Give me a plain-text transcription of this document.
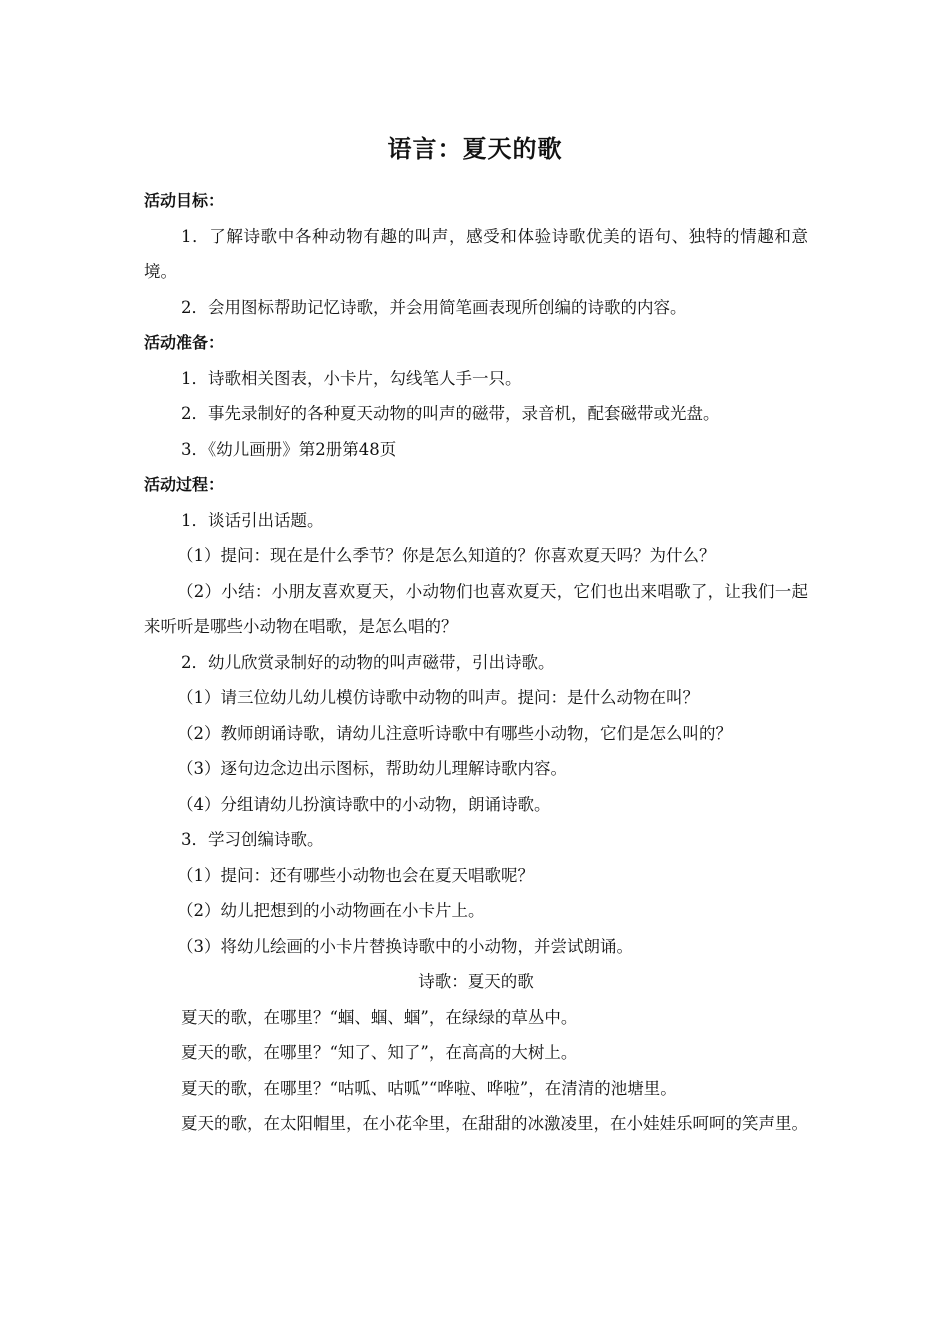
语言：夏天的歌
活动目标：
1．了解诗歌中各种动物有趣的叫声，感受和体验诗歌优美的语句、独特的情趣和意境。
2．会用图标帮助记忆诗歌，并会用简笔画表现所创编的诗歌的内容。
活动准备：
1．诗歌相关图表，小卡片，勾线笔人手一只。
2．事先录制好的各种夏天动物的叫声的磁带，录音机，配套磁带或光盘。
3．《幼儿画册》第2册第48页
活动过程：
1．谈话引出话题。
（1）提问：现在是什么季节？你是怎么知道的？你喜欢夏天吗？为什么？
（2）小结：小朋友喜欢夏天，小动物们也喜欢夏天，它们也出来唱歌了，让我们一起来听听是哪些小动物在唱歌，是怎么唱的？
2．幼儿欣赏录制好的动物的叫声磁带，引出诗歌。
（1）请三位幼儿幼儿模仿诗歌中动物的叫声。提问：是什么动物在叫？
（2）教师朗诵诗歌，请幼儿注意听诗歌中有哪些小动物，它们是怎么叫的？
（3）逐句边念边出示图标，帮助幼儿理解诗歌内容。
（4）分组请幼儿扮演诗歌中的小动物，朗诵诗歌。
3．学习创编诗歌。
（1）提问：还有哪些小动物也会在夏天唱歌呢？
（2）幼儿把想到的小动物画在小卡片上。
（3）将幼儿绘画的小卡片替换诗歌中的小动物，并尝试朗诵。
诗歌：夏天的歌
夏天的歌，在哪里？“蝈、蝈、蝈”，在绿绿的草丛中。
夏天的歌，在哪里？“知了、知了”，在高高的大树上。
夏天的歌，在哪里？“咕呱、咕呱”“哗啦、哗啦”，在清清的池塘里。
夏天的歌，在太阳帽里，在小花伞里，在甜甜的冰激凌里，在小娃娃乐呵呵的笑声里。
